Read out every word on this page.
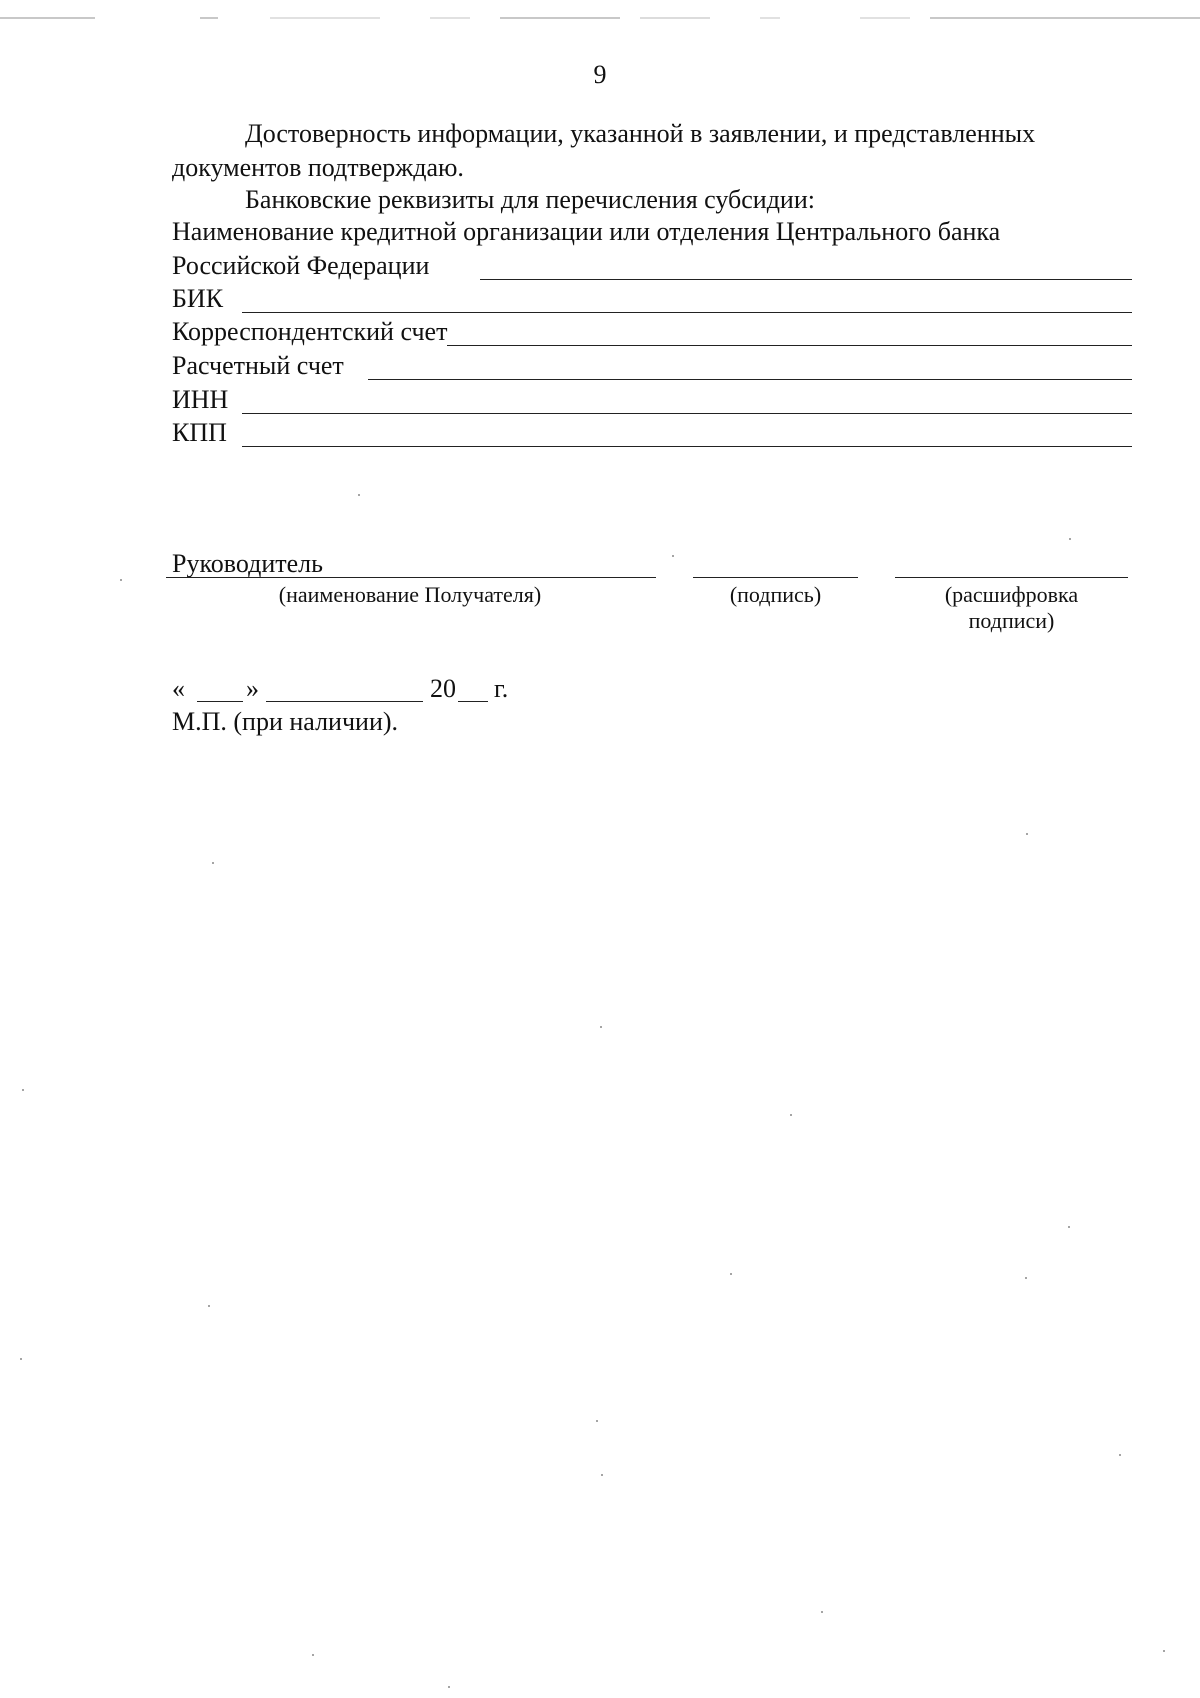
9
Достоверность информации, указанной в заявлении, и представленных
документов подтверждаю.
Банковские реквизиты для перечисления субсидии:
Наименование кредитной организации или отделения Центрального банка
Российской Федерации
БИК
Корреспондентский счет
Расчетный счет
ИНН
КПП
Руководитель
(наименование Получателя)	(подпись)	(расшифровка
подписи)
« »	20 г.
М.П. (при наличии).
